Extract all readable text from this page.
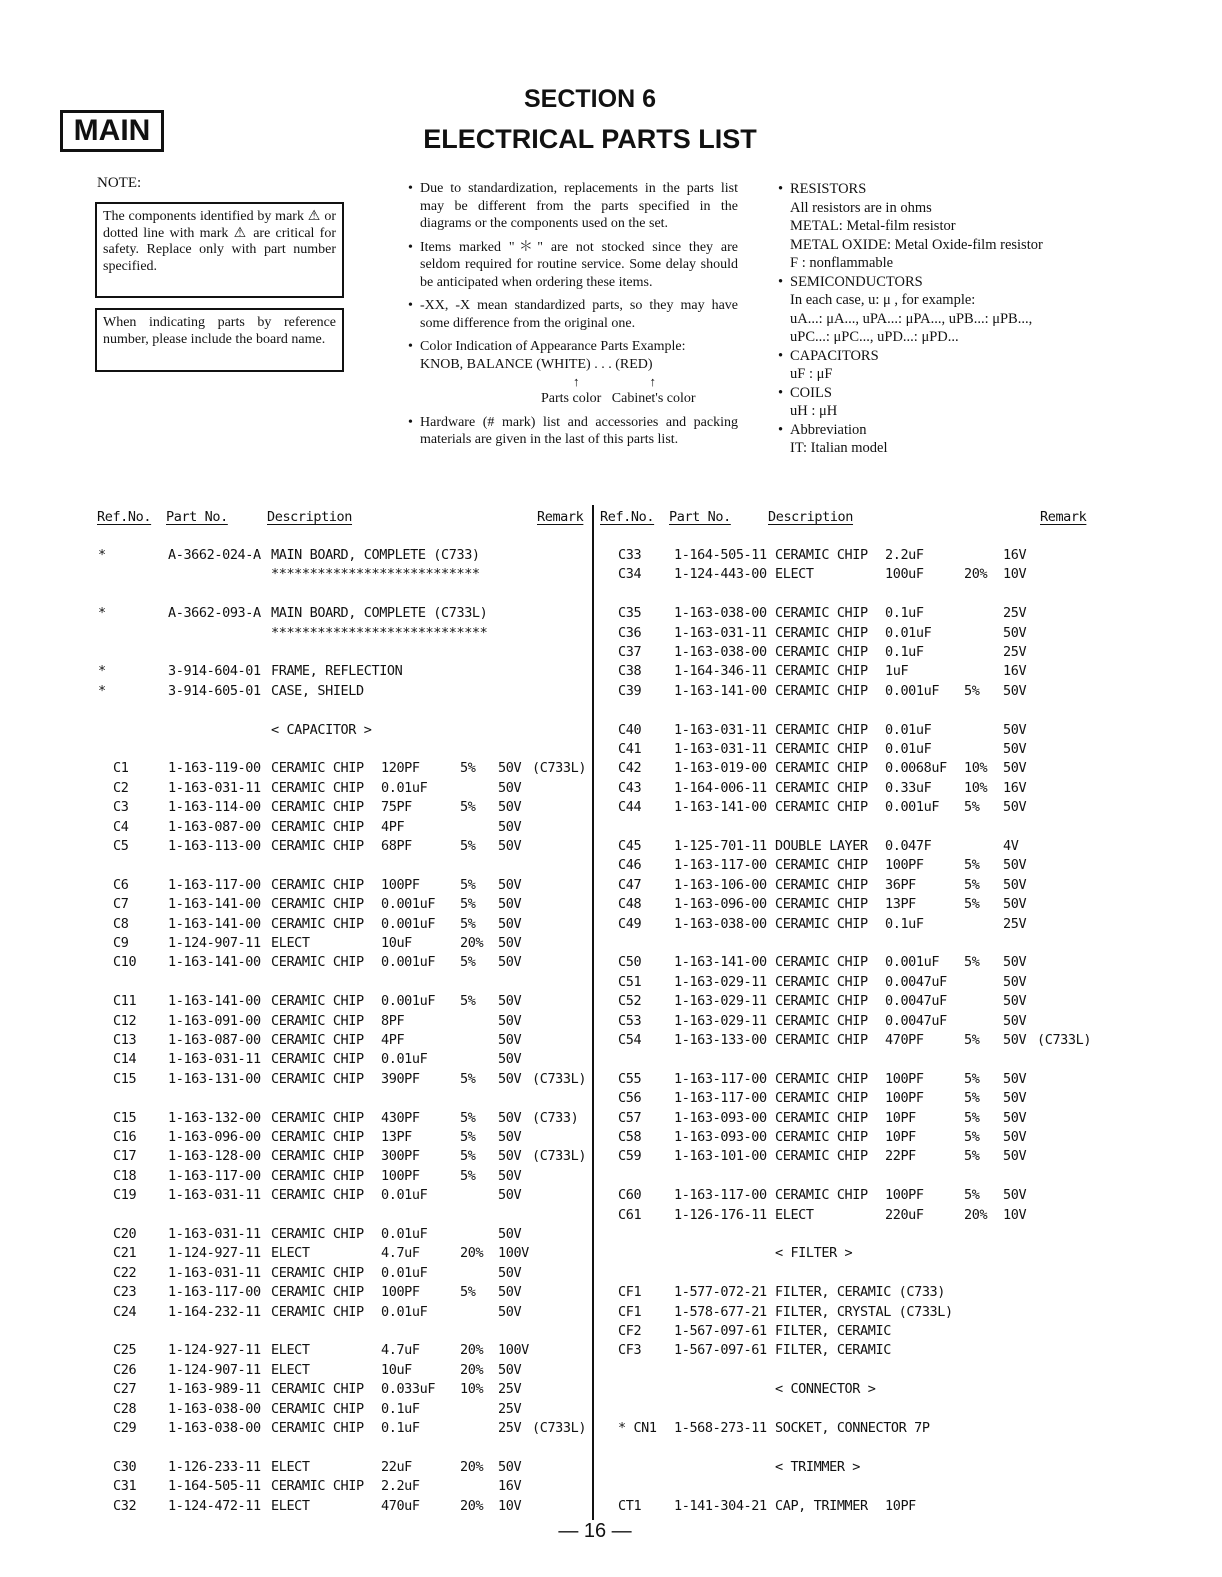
MAIN
SECTION 6
ELECTRICAL PARTS LIST
NOTE:
The components identified by mark ⚠ or dotted line with mark ⚠ are critical for safety. Replace only with part number specified.
When indicating parts by reference number, please include the board name.
• Due to standardization, replacements in the parts list may be different from the parts specified in the diagrams or the components used on the set.
• Items marked "＊" are not stocked since they are seldom required for routine service. Some delay should be anticipated when ordering these items.
• -XX, -X mean standardized parts, so they may have some difference from the original one.
• Color Indication of Appearance Parts Example:
KNOB, BALANCE (WHITE) . . . (RED)
↑	↑
Parts color Cabinet's color
• Hardware (# mark) list and accessories and packing materials are given in the last of this parts list.
• RESISTORS
All resistors are in ohms
METAL: Metal-film resistor
METAL OXIDE: Metal Oxide-film resistor
F : nonflammable
• SEMICONDUCTORS
In each case, u: μ , for example:
uA...: μA..., uPA...: μPA..., uPB...: μPB...,
uPC...: μPC..., uPD...: μPD...
• CAPACITORS
uF : μF
• COILS
uH : μH
• Abbreviation
IT: Italian model
Ref.No. Part No.	Description	Remark Ref.No. Part No.	Description	Remark
*	A-3662-024-A MAIN BOARD, COMPLETE (C733)
***************************
*	A-3662-093-A MAIN BOARD, COMPLETE (C733L)
****************************
*	3-914-604-01 FRAME, REFLECTION
*	3-914-605-01 CASE, SHIELD
< CAPACITOR >
C1	1-163-119-00 CERAMIC CHIP 120PF	5% 50V (C733L)
C2	1-163-031-11 CERAMIC CHIP 0.01uF	50V
C3	1-163-114-00 CERAMIC CHIP 75PF	5% 50V
C4	1-163-087-00 CERAMIC CHIP 4PF	50V
C5	1-163-113-00 CERAMIC CHIP 68PF	5% 50V
C6	1-163-117-00 CERAMIC CHIP 100PF	5% 50V
C7	1-163-141-00 CERAMIC CHIP 0.001uF 5% 50V
C8	1-163-141-00 CERAMIC CHIP 0.001uF 5% 50V
C9	1-124-907-11 ELECT	10uF	20% 50V
C10 1-163-141-00 CERAMIC CHIP 0.001uF 5% 50V
C11 1-163-141-00 CERAMIC CHIP 0.001uF 5% 50V
C12 1-163-091-00 CERAMIC CHIP 8PF	50V
C13 1-163-087-00 CERAMIC CHIP 4PF	50V
C14 1-163-031-11 CERAMIC CHIP 0.01uF	50V
C15 1-163-131-00 CERAMIC CHIP 390PF	5% 50V (C733L)
C15 1-163-132-00 CERAMIC CHIP 430PF	5% 50V (C733)
C16 1-163-096-00 CERAMIC CHIP 13PF	5% 50V
C17 1-163-128-00 CERAMIC CHIP 300PF	5% 50V (C733L)
C18 1-163-117-00 CERAMIC CHIP 100PF	5% 50V
C19 1-163-031-11 CERAMIC CHIP 0.01uF	50V
C20 1-163-031-11 CERAMIC CHIP 0.01uF	50V
C21 1-124-927-11 ELECT	4.7uF	20% 100V
C22 1-163-031-11 CERAMIC CHIP 0.01uF	50V
C23 1-163-117-00 CERAMIC CHIP 100PF	5% 50V
C24 1-164-232-11 CERAMIC CHIP 0.01uF	50V
C25 1-124-927-11 ELECT	4.7uF	20% 100V
C26 1-124-907-11 ELECT	10uF	20% 50V
C27 1-163-989-11 CERAMIC CHIP 0.033uF 10% 25V
C28 1-163-038-00 CERAMIC CHIP 0.1uF	25V
C29 1-163-038-00 CERAMIC CHIP 0.1uF	25V (C733L)
C30 1-126-233-11 ELECT	22uF	20% 50V
C31 1-164-505-11 CERAMIC CHIP 2.2uF	16V
C32 1-124-472-11 ELECT	470uF	20% 10V
C33 1-164-505-11 CERAMIC CHIP 2.2uF	16V
C34 1-124-443-00 ELECT	100uF	20% 10V
C35 1-163-038-00 CERAMIC CHIP 0.1uF	25V
C36 1-163-031-11 CERAMIC CHIP 0.01uF	50V
C37 1-163-038-00 CERAMIC CHIP 0.1uF	25V
C38 1-164-346-11 CERAMIC CHIP 1uF	16V
C39 1-163-141-00 CERAMIC CHIP 0.001uF 5% 50V
C40 1-163-031-11 CERAMIC CHIP 0.01uF	50V
C41 1-163-031-11 CERAMIC CHIP 0.01uF	50V
C42 1-163-019-00 CERAMIC CHIP 0.0068uF 10% 50V
C43 1-164-006-11 CERAMIC CHIP 0.33uF 10% 16V
C44 1-163-141-00 CERAMIC CHIP 0.001uF 5% 50V
C45 1-125-701-11 DOUBLE LAYER 0.047F	4V
C46 1-163-117-00 CERAMIC CHIP 100PF	5% 50V
C47 1-163-106-00 CERAMIC CHIP 36PF	5% 50V
C48 1-163-096-00 CERAMIC CHIP 13PF	5% 50V
C49 1-163-038-00 CERAMIC CHIP 0.1uF	25V
C50 1-163-141-00 CERAMIC CHIP 0.001uF 5% 50V
C51 1-163-029-11 CERAMIC CHIP 0.0047uF	50V
C52 1-163-029-11 CERAMIC CHIP 0.0047uF	50V
C53 1-163-029-11 CERAMIC CHIP 0.0047uF	50V
C54 1-163-133-00 CERAMIC CHIP 470PF	5% 50V (C733L)
C55 1-163-117-00 CERAMIC CHIP 100PF	5% 50V
C56 1-163-117-00 CERAMIC CHIP 100PF	5% 50V
C57 1-163-093-00 CERAMIC CHIP 10PF	5% 50V
C58 1-163-093-00 CERAMIC CHIP 10PF	5% 50V
C59 1-163-101-00 CERAMIC CHIP 22PF	5% 50V
C60 1-163-117-00 CERAMIC CHIP 100PF	5% 50V
C61 1-126-176-11 ELECT	220uF	20% 10V
< FILTER >
CF1 1-577-072-21 FILTER, CERAMIC (C733)
CF1 1-578-677-21 FILTER, CRYSTAL (C733L)
CF2 1-567-097-61 FILTER, CERAMIC
CF3 1-567-097-61 FILTER, CERAMIC
< CONNECTOR >
* CN1 1-568-273-11 SOCKET, CONNECTOR 7P
< TRIMMER >
CT1 1-141-304-21 CAP, TRIMMER 10PF
— 16 —
